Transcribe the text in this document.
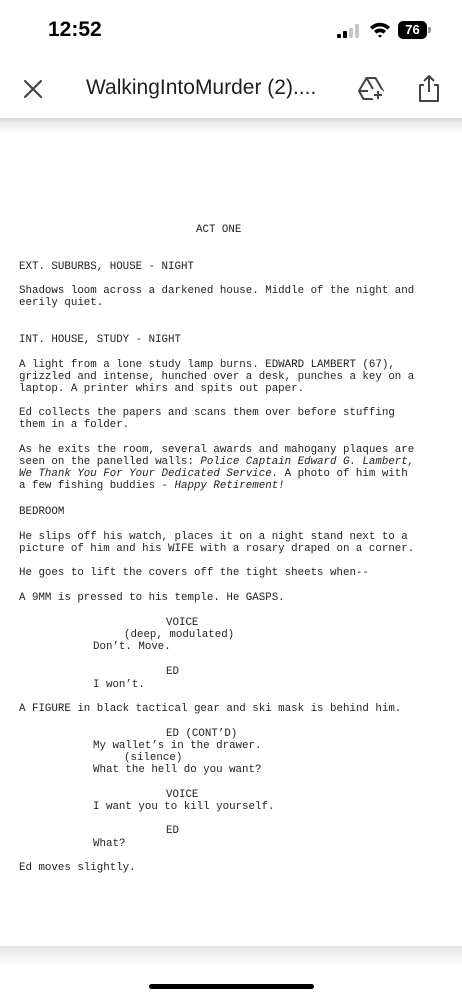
12:52	76
WalkingIntoMurder (2)....
ACT ONE
EXT. SUBURBS, HOUSE - NIGHT
Shadows loom across a darkened house. Middle of the night and
eerily quiet.
INT. HOUSE, STUDY - NIGHT
A light from a lone study lamp burns. EDWARD LAMBERT (67),
grizzled and intense, hunched over a desk, punches a key on a
laptop. A printer whirs and spits out paper.
Ed collects the papers and scans them over before stuffing
them in a folder.
As he exits the room, several awards and mahogany plaques are
seen on the panelled walls: Police Captain Edward G. Lambert,
We Thank You For Your Dedicated Service. A photo of him with
a few fishing buddies - Happy Retirement!
BEDROOM
He slips off his watch, places it on a night stand next to a
picture of him and his WIFE with a rosary draped on a corner.
He goes to lift the covers off the tight sheets when--
A 9MM is pressed to his temple. He GASPS.
VOICE
(deep, modulated)
Don’t. Move.
ED
I won’t.
A FIGURE in black tactical gear and ski mask is behind him.
ED (CONT’D)
My wallet’s in the drawer.
(silence)
What the hell do you want?
VOICE
I want you to kill yourself.
ED
What?
Ed moves slightly.
